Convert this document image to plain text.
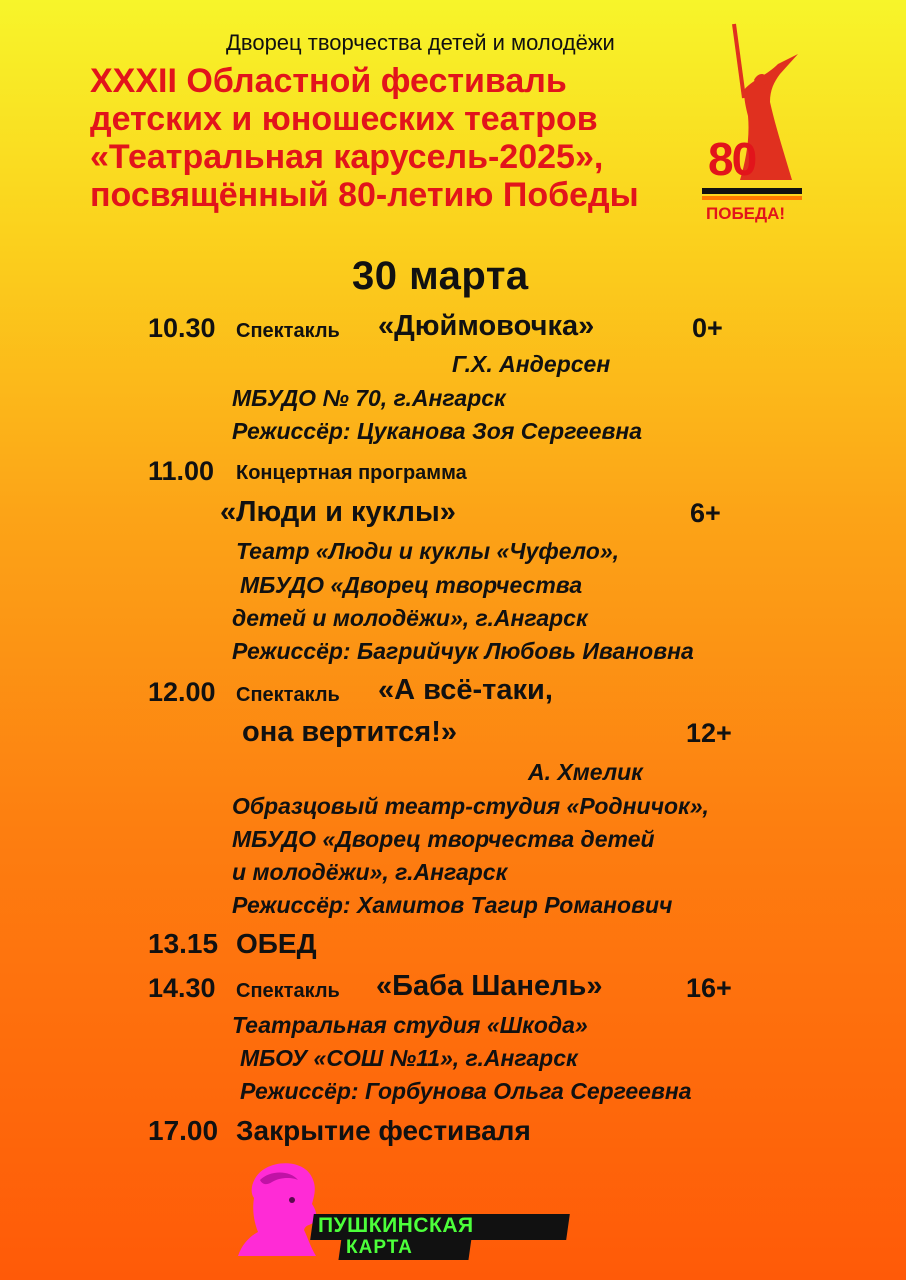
Дворец творчества детей и молодёжи
XXXII Областной фестиваль
детских и юношеских театров
«Театральная карусель-2025»,
посвящённый 80-летию Победы
80
ПОБЕДА!
30 марта
10.30 Спектакль «Дюймовочка»	0+
Г.Х. Андерсен
МБУДО № 70, г.Ангарск
Режиссёр: Цуканова Зоя Сергеевна
11.00 Концертная программа
«Люди и куклы»	6+
Театр «Люди и куклы «Чуфело»,
МБУДО «Дворец творчества
детей и молодёжи», г.Ангарск
Режиссёр: Багрийчук Любовь Ивановна
12.00 Спектакль «А всё-таки,
она вертится!»	12+
А. Хмелик
Образцовый театр-студия «Родничок»,
МБУДО «Дворец творчества детей
и молодёжи», г.Ангарск
Режиссёр: Хамитов Тагир Романович
13.15 ОБЕД
14.30 Спектакль «Баба Шанель»	16+
Театральная студия «Шкода»
МБОУ «СОШ №11», г.Ангарск
Режиссёр: Горбунова Ольга Сергеевна
17.00 Закрытие фестиваля
ПУШКИНСКАЯ
КАРТА
